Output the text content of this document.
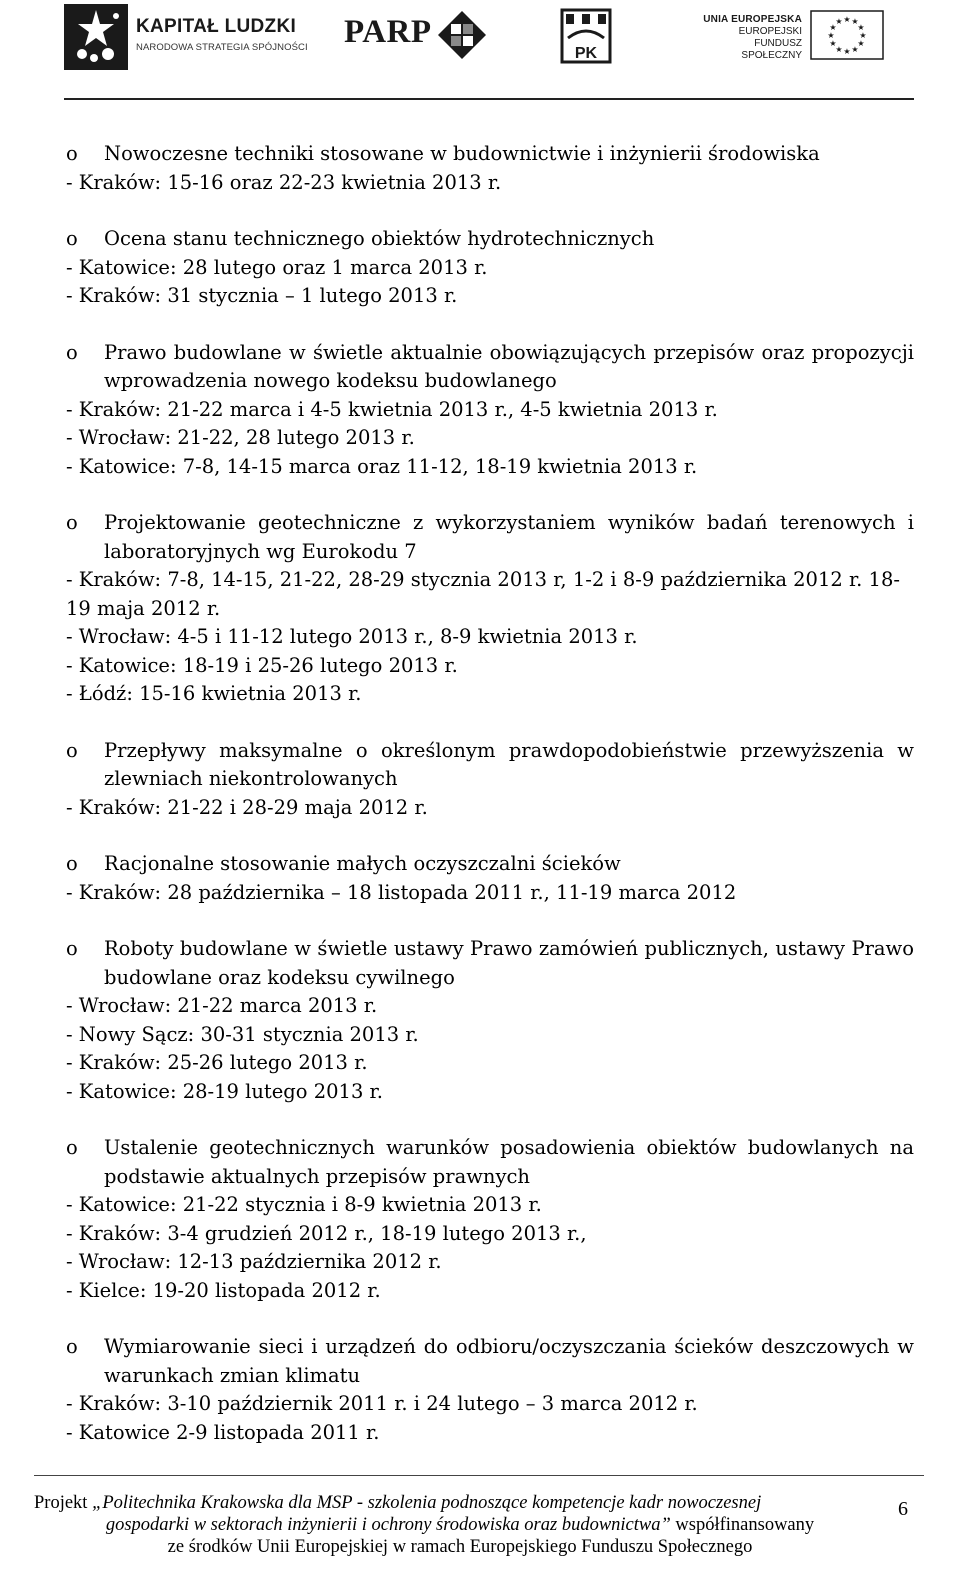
KAPITAŁ LUDZKI
NARODOWA STRATEGIA SPÓJNOŚCI PARP
PK
UNIA EUROPEJSKA
EUROPEJSKI
FUNDUSZ SPOŁECZNY
★ ★
★
★
★
★
★
★
★
★
★
★
o Nowoczesne techniki stosowane w budownictwie i inżynierii środowiska
- Kraków: 15-16 oraz 22-23 kwietnia 2013 r.
o Ocena stanu technicznego obiektów hydrotechnicznych
- Katowice: 28 lutego oraz 1 marca 2013 r.
- Kraków: 31 stycznia – 1 lutego 2013 r.
o Prawo budowlane w świetle aktualnie obowiązujących przepisów oraz propozycji wprowadzenia nowego kodeksu budowlanego
- Kraków: 21-22 marca i 4-5 kwietnia 2013 r., 4-5 kwietnia 2013 r.
- Wrocław: 21-22, 28 lutego 2013 r.
- Katowice: 7-8, 14-15 marca oraz 11-12, 18-19 kwietnia 2013 r.
o Projektowanie geotechniczne z wykorzystaniem wyników badań terenowych i laboratoryjnych wg Eurokodu 7
- Kraków: 7-8, 14-15, 21-22, 28-29 stycznia 2013 r, 1-2 i 8-9 października 2012 r. 18-19 maja 2012 r.
- Wrocław: 4-5 i 11-12 lutego 2013 r., 8-9 kwietnia 2013 r.
- Katowice: 18-19 i 25-26 lutego 2013 r.
- Łódź: 15-16 kwietnia 2013 r.
o Przepływy maksymalne o określonym prawdopodobieństwie przewyższenia w zlewniach niekontrolowanych
- Kraków: 21-22 i 28-29 maja 2012 r.
o Racjonalne stosowanie małych oczyszczalni ścieków
- Kraków: 28 października – 18 listopada 2011 r., 11-19 marca 2012
o Roboty budowlane w świetle ustawy Prawo zamówień publicznych, ustawy Prawo budowlane oraz kodeksu cywilnego
- Wrocław: 21-22 marca 2013 r.
- Nowy Sącz: 30-31 stycznia 2013 r.
- Kraków: 25-26 lutego 2013 r.
- Katowice: 28-19 lutego 2013 r.
o Ustalenie geotechnicznych warunków posadowienia obiektów budowlanych na podstawie aktualnych przepisów prawnych
- Katowice: 21-22 stycznia i 8-9 kwietnia 2013 r.
- Kraków: 3-4 grudzień 2012 r., 18-19 lutego 2013 r.,
- Wrocław: 12-13 października 2012 r.
- Kielce: 19-20 listopada 2012 r.
o Wymiarowanie sieci i urządzeń do odbioru/oczyszczania ścieków deszczowych w warunkach zmian klimatu
- Kraków: 3-10 październik 2011 r. i 24 lutego – 3 marca 2012 r.
- Katowice 2-9 listopada 2011 r.
Projekt „Politechnika Krakowska dla MSP - szkolenia podnoszące kompetencje kadr nowoczesnej
gospodarki w sektorach inżynierii i ochrony środowiska oraz budownictwa” współfinansowany
ze środków Unii Europejskiej w ramach Europejskiego Funduszu Społecznego
6
